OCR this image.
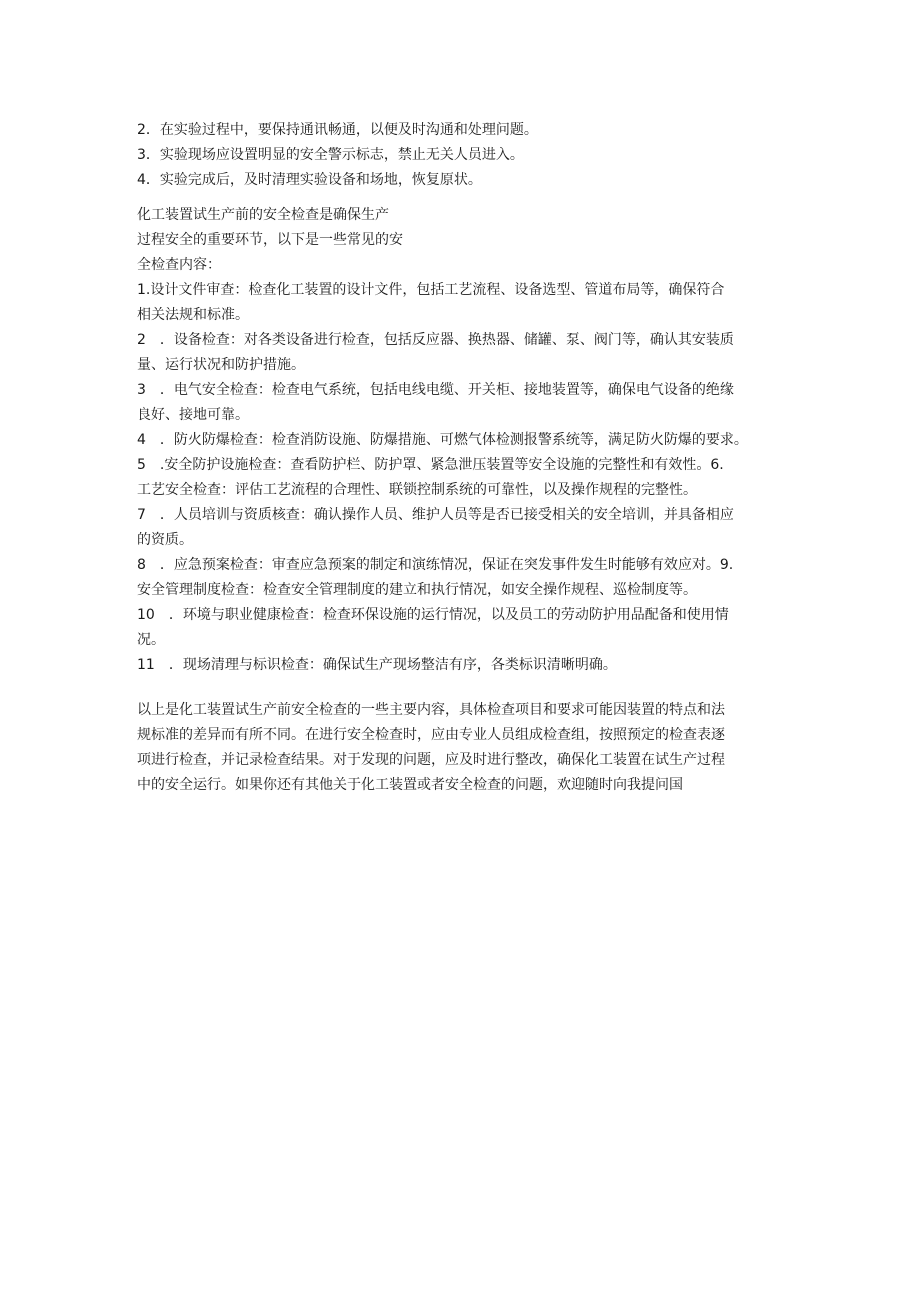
2．在实验过程中，要保持通讯畅通，以便及时沟通和处理问题。

3．实验现场应设置明显的安全警示标志，禁止无关人员进入。

4．实验完成后，及时清理实验设备和场地，恢复原状。

化工装置试生产前的安全检查是确保生产

过程安全的重要环节，以下是一些常见的安

全检查内容：

1.设计文件审查：检查化工装置的设计文件，包括工艺流程、设备选型、管道布局等，确保符合

相关法规和标准。

2　．设备检查：对各类设备进行检查，包括反应器、换热器、储罐、泵、阀门等，确认其安装质

量、运行状况和防护措施。

3　．电气安全检查：检查电气系统，包括电线电缆、开关柜、接地装置等，确保电气设备的绝缘

良好、接地可靠。

4　．防火防爆检查：检查消防设施、防爆措施、可燃气体检测报警系统等，满足防火防爆的要求。

5　.安全防护设施检查：查看防护栏、防护罩、紧急泄压装置等安全设施的完整性和有效性。6.

工艺安全检查：评估工艺流程的合理性、联锁控制系统的可靠性，以及操作规程的完整性。

7　．人员培训与资质核查：确认操作人员、维护人员等是否已接受相关的安全培训，并具备相应

的资质。

8　．应急预案检查：审查应急预案的制定和演练情况，保证在突发事件发生时能够有效应对。9.

安全管理制度检查：检查安全管理制度的建立和执行情况，如安全操作规程、巡检制度等。

10　．环境与职业健康检查：检查环保设施的运行情况，以及员工的劳动防护用品配备和使用情

况。

11　．现场清理与标识检查：确保试生产现场整洁有序，各类标识清晰明确。

以上是化工装置试生产前安全检查的一些主要内容，具体检查项目和要求可能因装置的特点和法

规标准的差异而有所不同。在进行安全检查时，应由专业人员组成检查组，按照预定的检查表逐

项进行检查，并记录检查结果。对于发现的问题，应及时进行整改，确保化工装置在试生产过程

中的安全运行。如果你还有其他关于化工装置或者安全检查的问题，欢迎随时向我提问国
